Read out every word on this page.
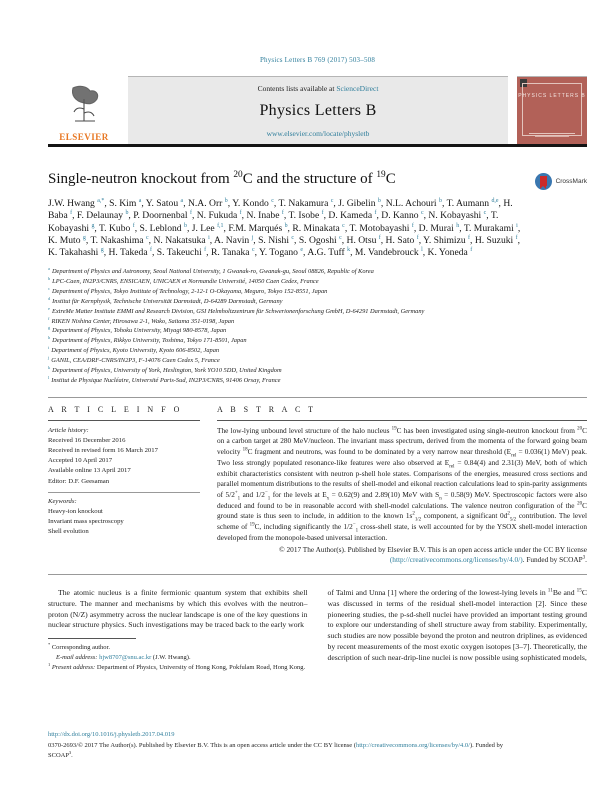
Physics Letters B 769 (2017) 503–508
ELSEVIER
Contents lists available at ScienceDirect
Physics Letters B
www.elsevier.com/locate/physletb
PHYSICS LETTERS B
Single-neutron knockout from $^{20}$C and the structure of $^{19}$C	CrossMark
J.W. Hwang $^{a,*}$, S. Kim $^a$, Y. Satou $^a$, N.A. Orr $^b$, Y. Kondo $^c$, T. Nakamura $^c$, J. Gibelin $^b$, N.L. Achouri $^b$, T. Aumann $^{d,e}$, H. Baba $^f$, F. Delaunay $^b$, P. Doornenbal $^f$, N. Fukuda $^f$, N. Inabe $^f$, T. Isobe $^f$, D. Kameda $^f$, D. Kanno $^c$, N. Kobayashi $^c$, T. Kobayashi $^g$, T. Kubo $^f$, S. Leblond $^b$, J. Lee $^{f,1}$, F.M. Marqués $^b$, R. Minakata $^c$, T. Motobayashi $^f$, D. Murai $^h$, T. Murakami $^i$, K. Muto $^g$, T. Nakashima $^c$, N. Nakatsuka $^i$, A. Navin $^j$, S. Nishi $^c$, S. Ogoshi $^c$, H. Otsu $^f$, H. Sato $^f$, Y. Shimizu $^f$, H. Suzuki $^f$, K. Takahashi $^g$, H. Takeda $^f$, S. Takeuchi $^f$, R. Tanaka $^c$, Y. Togano $^e$, A.G. Tuff $^k$, M. Vandebrouck $^l$, K. Yoneda $^f$
$^a$ Department of Physics and Astronomy, Seoul National University, 1 Gwanak-ro, Gwanak-gu, Seoul 08826, Republic of Korea
$^b$ LPC-Caen, IN2P3/CNRS, ENSICAEN, UNICAEN et Normandie Université, 14050 Caen Cedex, France
$^c$ Department of Physics, Tokyo Institute of Technology, 2-12-1 O-Okayama, Meguro, Tokyo 152-8551, Japan
$^d$ Institut für Kernphysik, Technische Universität Darmstadt, D-64289 Darmstadt, Germany
$^e$ ExtreMe Matter Institute EMMI and Research Division, GSI Helmholtzzentrum für Schwerionenforschung GmbH, D-64291 Darmstadt, Germany
$^f$ RIKEN Nishina Center, Hirosawa 2-1, Wako, Saitama 351-0198, Japan
$^g$ Department of Physics, Tohoku University, Miyagi 980-8578, Japan
$^h$ Department of Physics, Rikkyo University, Toshima, Tokyo 171-8501, Japan
$^i$ Department of Physics, Kyoto University, Kyoto 606-8502, Japan
$^j$ GANIL, CEA/DRF-CNRS/IN2P3, F-14076 Caen Cedex 5, France
$^k$ Department of Physics, University of York, Heslington, York YO10 5DD, United Kingdom
$^l$ Institut de Physique Nucléaire, Université Paris-Sud, IN2P3/CNRS, 91406 Orsay, France
A R T I C L E I N F O
Article history:
Received 16 December 2016
Received in revised form 16 March 2017
Accepted 10 April 2017
Available online 13 April 2017
Editor: D.F. Geesaman
Keywords:
Heavy-ion knockout
Invariant mass spectroscopy
Shell evolution
A B S T R A C T
The low-lying unbound level structure of the halo nucleus $^{19}$C has been investigated using single-neutron knockout from $^{20}$C on a carbon target at 280 MeV/nucleon. The invariant mass spectrum, derived from the momenta of the forward going beam velocity $^{18}$C fragment and neutrons, was found to be dominated by a very narrow near threshold ($E_{rel} = 0.036(1)$ MeV) peak. Two less strongly populated resonance-like features were also observed at $E_{rel} = 0.84(4)$ and 2.31(3) MeV, both of which exhibit characteristics consistent with neutron p-shell hole states. Comparisons of the energies, measured cross sections and parallel momentum distributions to the results of shell-model and eikonal reaction calculations lead to spin-parity assignments of $5/2^+_1$ and $1/2^-_1$ for the levels at $E_x = 0.62(9)$ and 2.89(10) MeV with $S_n = 0.58(9)$ MeV. Spectroscopic factors were also deduced and found to be in reasonable accord with shell-model calculations. The valence neutron configuration of the $^{20}$C ground state is thus seen to include, in addition to the known $1s^2_{1/2}$ component, a significant $0d^2_{5/2}$ contribution. The level scheme of $^{19}$C, including significantly the $1/2^-_1$ cross-shell state, is well accounted for by the YSOX shell-model interaction developed from the monopole-based universal interaction.
© 2017 The Author(s). Published by Elsevier B.V. This is an open access article under the CC BY license (http://creativecommons.org/licenses/by/4.0/). Funded by SCOAP$^3$.

The atomic nucleus is a finite fermionic quantum system that exhibits shell structure. The manner and mechanisms by which this evolves with the neutron–proton (N/Z) asymmetry across the nuclear landscape is one of the key questions in nuclear structure physics. Such investigations may be traced back to the early work

* Corresponding author.
E-mail address: hjw8707@snu.ac.kr (J.W. Hwang).
$^1$ Present address: Department of Physics, University of Hong Kong, Pokfulam Road, Hong Kong.

of Talmi and Unna [1] where the ordering of the lowest-lying levels in $^{11}$Be and $^{15}$C was discussed in terms of the residual shell-model interaction [2]. Since these pioneering studies, the p-sd-shell nuclei have provided an important testing ground to explore our understanding of shell structure away from stability. Experimentally, such studies are now possible beyond the proton and neutron driplines, as evidenced by recent measurements of the most exotic oxygen isotopes [3–7]. Theoretically, the description of such near-drip-line nuclei is now possible using sophisticated models,

http://dx.doi.org/10.1016/j.physletb.2017.04.019
0370-2693/© 2017 The Author(s). Published by Elsevier B.V. This is an open access article under the CC BY license (http://creativecommons.org/licenses/by/4.0/). Funded by
SCOAP$^3$.
